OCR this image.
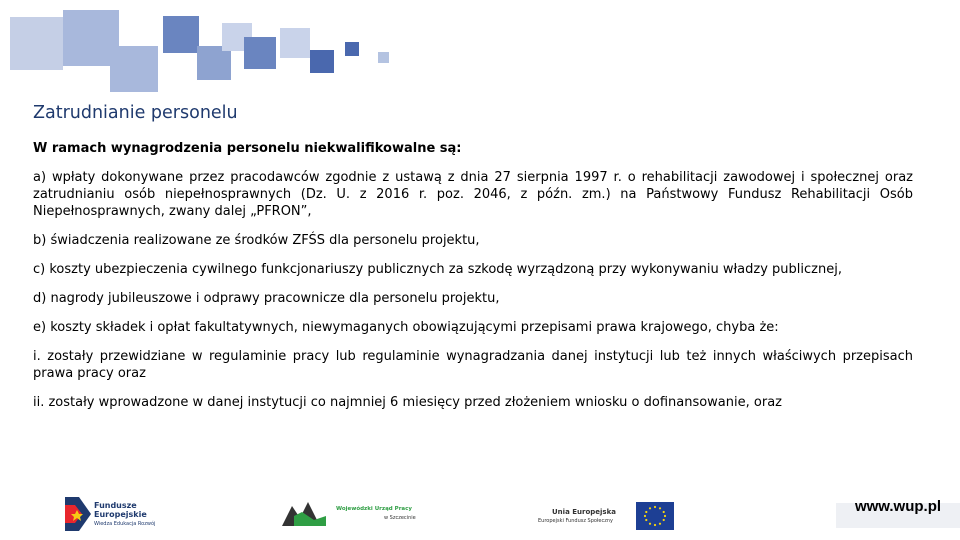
Zatrudnianie personelu

W ramach wynagrodzenia personelu niekwalifikowalne są:

a) wpłaty dokonywane przez pracodawców zgodnie z ustawą z dnia 27 sierpnia 1997 r. o rehabilitacji zawodowej i społecznej oraz zatrudnianiu osób niepełnosprawnych (Dz. U. z 2016 r. poz. 2046, z późn. zm.) na Państwowy Fundusz Rehabilitacji Osób Niepełnosprawnych, zwany dalej „PFRON”,

b) świadczenia realizowane ze środków ZFŚS dla personelu projektu,

c) koszty ubezpieczenia cywilnego funkcjonariuszy publicznych za szkodę wyrządzoną przy wykonywaniu władzy publicznej,

d) nagrody jubileuszowe i odprawy pracownicze dla personelu projektu,

e) koszty składek i opłat fakultatywnych, niewymaganych obowiązującymi przepisami prawa krajowego, chyba że:

i. zostały przewidziane w regulaminie pracy lub regulaminie wynagradzania danej instytucji lub też innych właściwych przepisach prawa pracy oraz

ii. zostały wprowadzone w danej instytucji co najmniej 6 miesięcy przed złożeniem wniosku o dofinansowanie, oraz

Fundusze
Europejskie
Wiedza Edukacja Rozwój
Wojewódzki Urząd Pracy
w Szczecinie
Unia Europejska
Europejski Fundusz Społeczny
www.wup.pl
